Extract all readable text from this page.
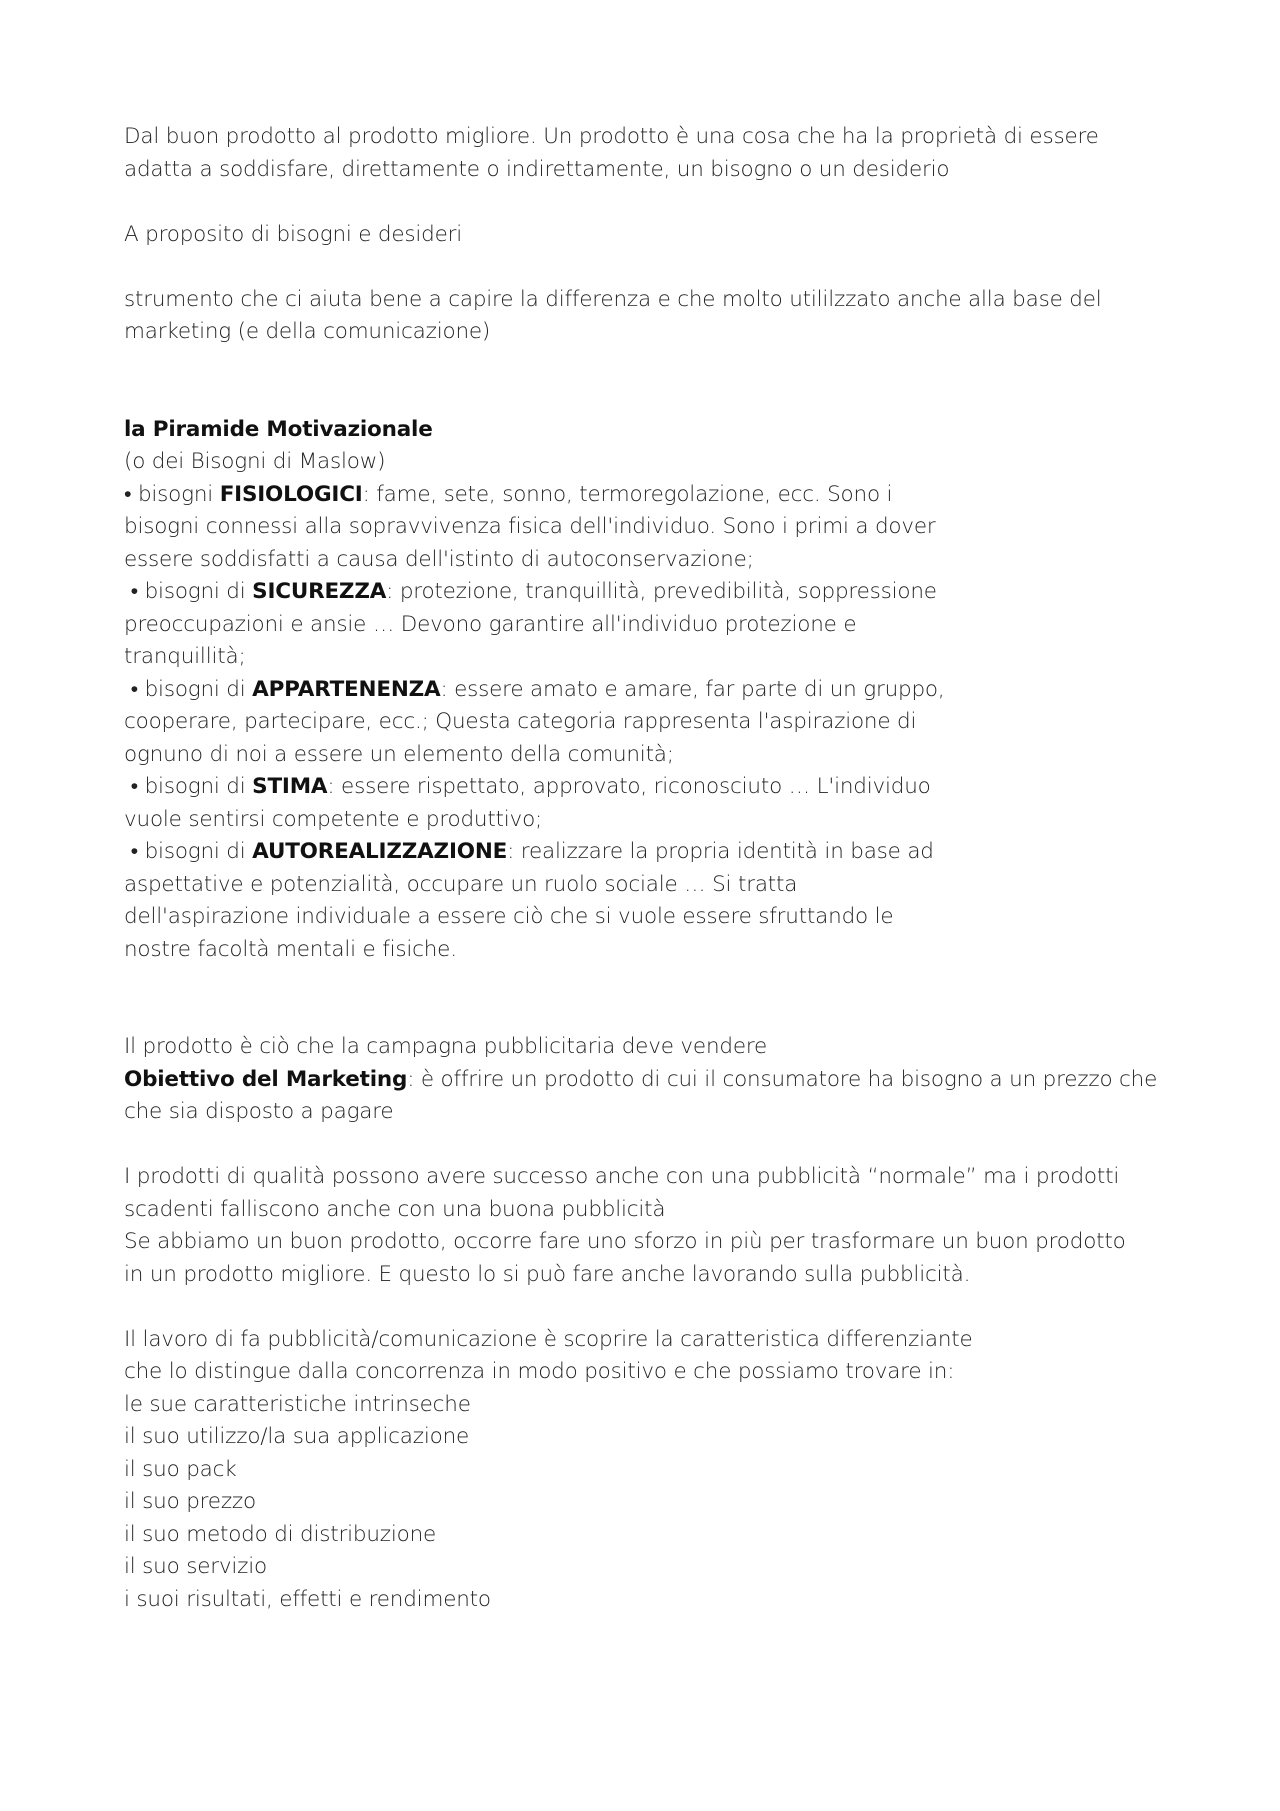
Dal buon prodotto al prodotto migliore. Un prodotto è una cosa che ha la proprietà di essere

adatta a soddisfare, direttamente o indirettamente, un bisogno o un desiderio

A proposito di bisogni e desideri

strumento che ci aiuta bene a capire la differenza e che molto utililzzato anche alla base del

marketing (e della comunicazione)

la Piramide Motivazionale

(o dei Bisogni di Maslow)

• bisogni FISIOLOGICI: fame, sete, sonno, termoregolazione, ecc. Sono i

bisogni connessi alla sopravvivenza fisica dell'individuo. Sono i primi a dover

essere soddisfatti a causa dell'istinto di autoconservazione;

• bisogni di SICUREZZA: protezione, tranquillità, prevedibilità, soppressione

preoccupazioni e ansie … Devono garantire all'individuo protezione e

tranquillità;

• bisogni di APPARTENENZA: essere amato e amare, far parte di un gruppo,

cooperare, partecipare, ecc.; Questa categoria rappresenta l'aspirazione di

ognuno di noi a essere un elemento della comunità;

• bisogni di STIMA: essere rispettato, approvato, riconosciuto … L'individuo

vuole sentirsi competente e produttivo;

• bisogni di AUTOREALIZZAZIONE: realizzare la propria identità in base ad

aspettative e potenzialità, occupare un ruolo sociale … Si tratta

dell'aspirazione individuale a essere ciò che si vuole essere sfruttando le

nostre facoltà mentali e fisiche.

Il prodotto è ciò che la campagna pubblicitaria deve vendere

Obiettivo del Marketing: è offrire un prodotto di cui il consumatore ha bisogno a un prezzo che

che sia disposto a pagare

I prodotti di qualità possono avere successo anche con una pubblicità “normale” ma i prodotti

scadenti falliscono anche con una buona pubblicità

Se abbiamo un buon prodotto, occorre fare uno sforzo in più per trasformare un buon prodotto

in un prodotto migliore. E questo lo si può fare anche lavorando sulla pubblicità.

Il lavoro di fa pubblicità/comunicazione è scoprire la caratteristica differenziante

che lo distingue dalla concorrenza in modo positivo e che possiamo trovare in:

le sue caratteristiche intrinseche

il suo utilizzo/la sua applicazione

il suo pack

il suo prezzo

il suo metodo di distribuzione

il suo servizio

i suoi risultati, effetti e rendimento
